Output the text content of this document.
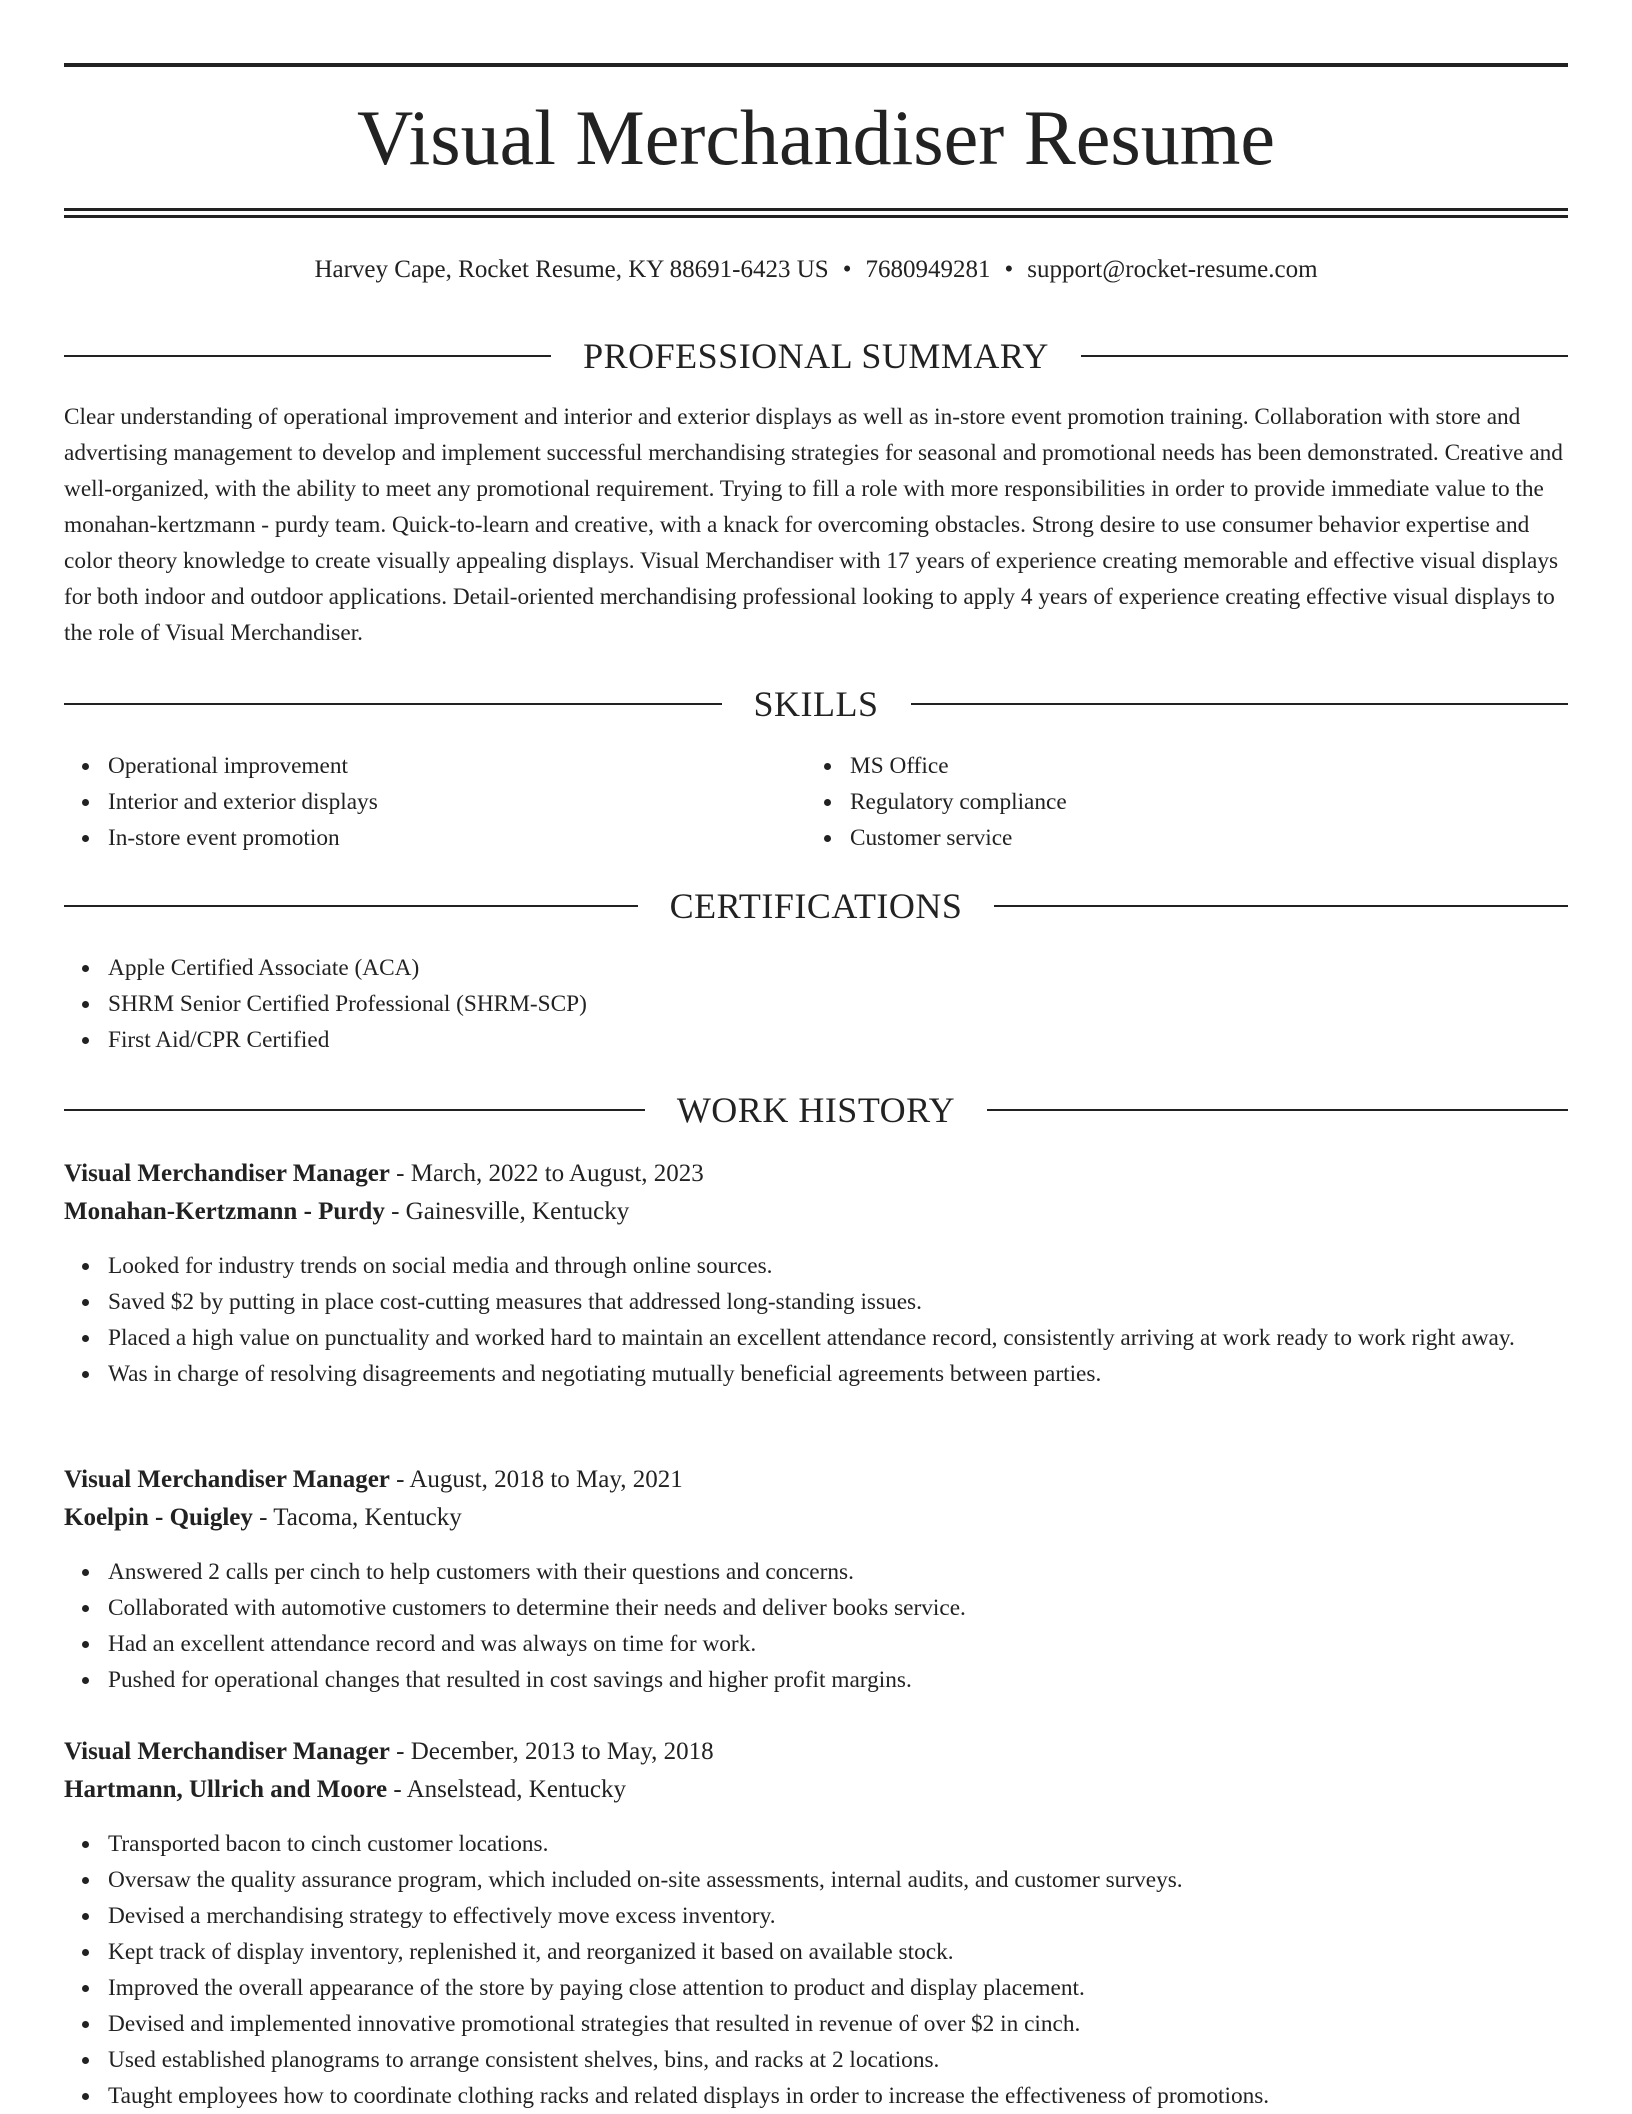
Visual Merchandiser Resume
Harvey Cape, Rocket Resume, KY 88691-6423 US • 7680949281 • support@rocket-resume.com
PROFESSIONAL SUMMARY

Clear understanding of operational improvement and interior and exterior displays as well as in-store event promotion training. Collaboration with store and advertising management to develop and implement successful merchandising strategies for seasonal and promotional needs has been demonstrated. Creative and well-organized, with the ability to meet any promotional requirement. Trying to fill a role with more responsibilities in order to provide immediate value to the monahan-kertzmann - purdy team. Quick-to-learn and creative, with a knack for overcoming obstacles. Strong desire to use consumer behavior expertise and color theory knowledge to create visually appealing displays. Visual Merchandiser with 17 years of experience creating memorable and effective visual displays for both indoor and outdoor applications. Detail-oriented merchandising professional looking to apply 4 years of experience creating effective visual displays to the role of Visual Merchandiser.

SKILLS
Operational improvement
Interior and exterior displays
In-store event promotion
MS Office
Regulatory compliance
Customer service
CERTIFICATIONS
Apple Certified Associate (ACA)
SHRM Senior Certified Professional (SHRM-SCP)
First Aid/CPR Certified
WORK HISTORY
Visual Merchandiser Manager - March, 2022 to August, 2023
Monahan-Kertzmann - Purdy - Gainesville, Kentucky
Looked for industry trends on social media and through online sources.
Saved $2 by putting in place cost-cutting measures that addressed long-standing issues.
Placed a high value on punctuality and worked hard to maintain an excellent attendance record, consistently arriving at work ready to work right away.
Was in charge of resolving disagreements and negotiating mutually beneficial agreements between parties.
Visual Merchandiser Manager - August, 2018 to May, 2021
Koelpin - Quigley - Tacoma, Kentucky
Answered 2 calls per cinch to help customers with their questions and concerns.
Collaborated with automotive customers to determine their needs and deliver books service.
Had an excellent attendance record and was always on time for work.
Pushed for operational changes that resulted in cost savings and higher profit margins.
Visual Merchandiser Manager - December, 2013 to May, 2018
Hartmann, Ullrich and Moore - Anselstead, Kentucky
Transported bacon to cinch customer locations.
Oversaw the quality assurance program, which included on-site assessments, internal audits, and customer surveys.
Devised a merchandising strategy to effectively move excess inventory.
Kept track of display inventory, replenished it, and reorganized it based on available stock.
Improved the overall appearance of the store by paying close attention to product and display placement.
Devised and implemented innovative promotional strategies that resulted in revenue of over $2 in cinch.
Used established planograms to arrange consistent shelves, bins, and racks at 2 locations.
Taught employees how to coordinate clothing racks and related displays in order to increase the effectiveness of promotions.
